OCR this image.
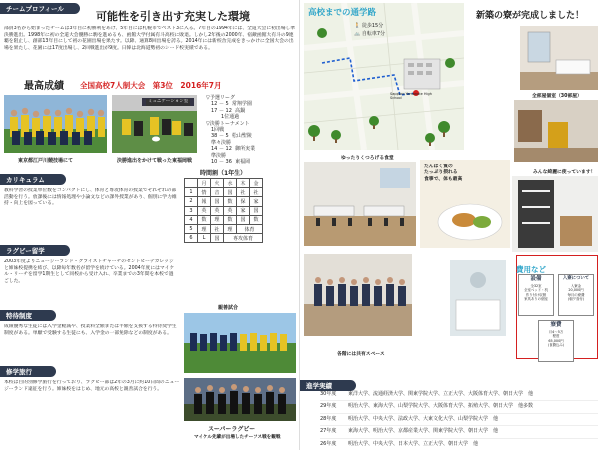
チームプロフィール
可能性を引き出す充実した環境
部員3名から始まったチームは3年目に初勝利をあげ、5年目には札幌市でベスト3に入る。7年目の1994年には、全道大会に初出場し準決勝進出。1998年に初の全道大会優勝に駒を進めるも、函館大学付属有斗高校に敗退。しかし2年後の2000年、宿敵函館大有斗の9連覇を阻止し、創部13年目にして初の花園出場を果たす。以降、通算8回出場を誇る。2014年には新校舎完成をきっかけに全国大会の出場を果たし、花園には17度出場し、2回戦進出が9度。日韓は北海道勢初のシード校実績である。
最高成績 全国高校7人制大会　第3位　2016年7月
ミュニケーション室
東京都江戸川競技場にて	決勝進出をかけて戦った東福岡戦
▽予選リーグ
　12 － 5  常翔学園
　17 － 12  高鍋
　　　1位通過
▽決勝トーナメント
　1回戦
　38 － 5  松山聖陵
　準々決勝
　14 － 12  御所実業
　準決勝
　10 － 36  東福岡
カリキュラム
教科学習の授業単位数をコンパクトにし、体育と専攻体育の授業でそれぞれの部活動を行う。放課後には情報処理や小論文などの課外授業があり、個別に学力維持・向上を図っている。
時間割（1年生）
	月	火	水	木	金
1	情	音	国	社	社
2	報	国	数	保	家
3	英	英	英	家	国
4	数	理	数	国	数
5	理	社	理	体育	
6	L	国	専攻体育		
ラグビー留学
2003年度よりニュージーランド・クライストチャーチのセントビーデカレッジと姉妹校提携を結び、以降毎年数名が留学を続けている。2004年度にはマイケル・リーチを留学1期生として同校から受け入れ、卒業までの3年間を本校で過ごした。
特待制度
成績優秀な生徒には入学金軽減や、授業料全額または半額を支援する特待奨学生制度がある。単願で受験する生徒にも、入学金の一部免除などの制度がある。
親善試合
修学旅行
本校は目的別修学旅行を行っており、ラグビー部は2年の3月に約10日間のニュージーランド遠征を行う。姉妹校をはじめ、地元の高校と親善試合を行う。
スーパーラグビー
マイケル先輩が出場したチーフス戦を観戦
高校までの通学路
🚶 徒歩15分
🚲 自転車7分
Sapporo Yamanote High School
新築の寮が完成しました！
全部屋個室（30部屋）
みんな綺麗に使っています！
ゆったりくつろげる食堂
たんぱく質の
たっぷり摂れる
食事で、体も最高
各階には共有スペース
費用など
設備
全32室
全室ベッド・机
作り付け収納
家具ありの個室
入寮について
入寮金
20,000円
毎月の寮費
(朝夕食付)
寮費
月4〜5万
程度
65,000円
(食費込み)
進学実績
30年度 東洋大学、流通経済大学、関東学院大学、立正大学、大阪体育大学、朝日大学　他
29年度 明治大学、東海大学、山梨学院大学、大阪体育大学、拓殖大学、朝日大学　他多数
28年度 明治大学、中央大学、法政大学、大東文化大学、山梨学院大学　他
27年度 東海大学、明治大学、京都産業大学、関東学院大学、朝日大学　他
26年度 明治大学、中央大学、日本大学、立正大学、朝日大学　他
